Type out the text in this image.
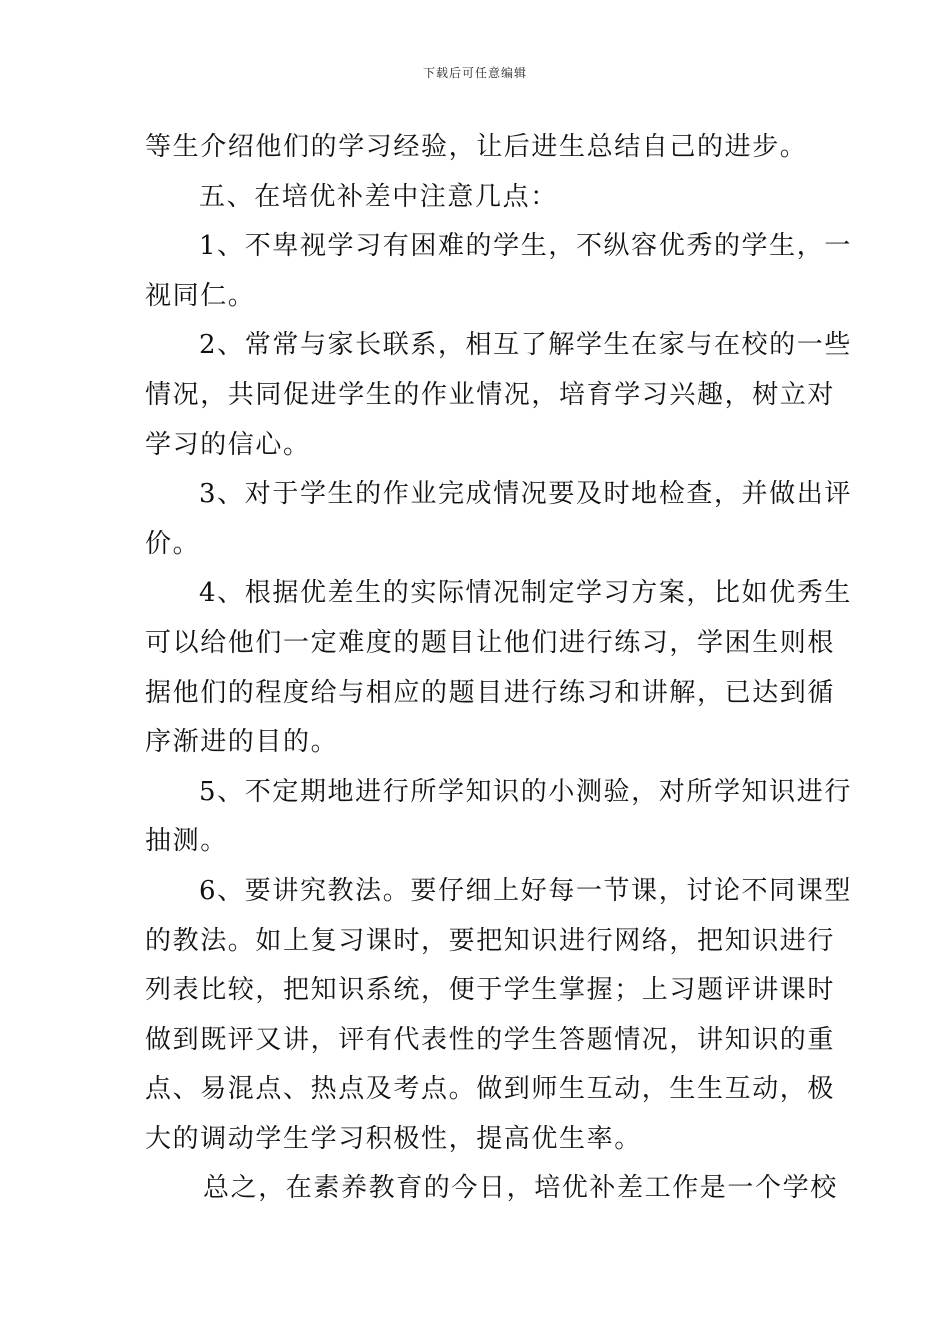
下载后可任意编辑
等生介绍他们的学习经验，让后进生总结自己的进步。
五、在培优补差中注意几点：
1、不卑视学习有困难的学生，不纵容优秀的学生，一
视同仁。
2、常常与家长联系，相互了解学生在家与在校的一些
情况，共同促进学生的作业情况，培育学习兴趣，树立对
学习的信心。
3、对于学生的作业完成情况要及时地检查，并做出评
价。
4、根据优差生的实际情况制定学习方案，比如优秀生
可以给他们一定难度的题目让他们进行练习，学困生则根
据他们的程度给与相应的题目进行练习和讲解，已达到循
序渐进的目的。
5、不定期地进行所学知识的小测验，对所学知识进行
抽测。
6、要讲究教法。要仔细上好每一节课，讨论不同课型
的教法。如上复习课时，要把知识进行网络，把知识进行
列表比较，把知识系统，便于学生掌握；上习题评讲课时
做到既评又讲，评有代表性的学生答题情况，讲知识的重
点、易混点、热点及考点。做到师生互动，生生互动，极
大的调动学生学习积极性，提高优生率。
总之，在素养教育的今日，培优补差工作是一个学校
